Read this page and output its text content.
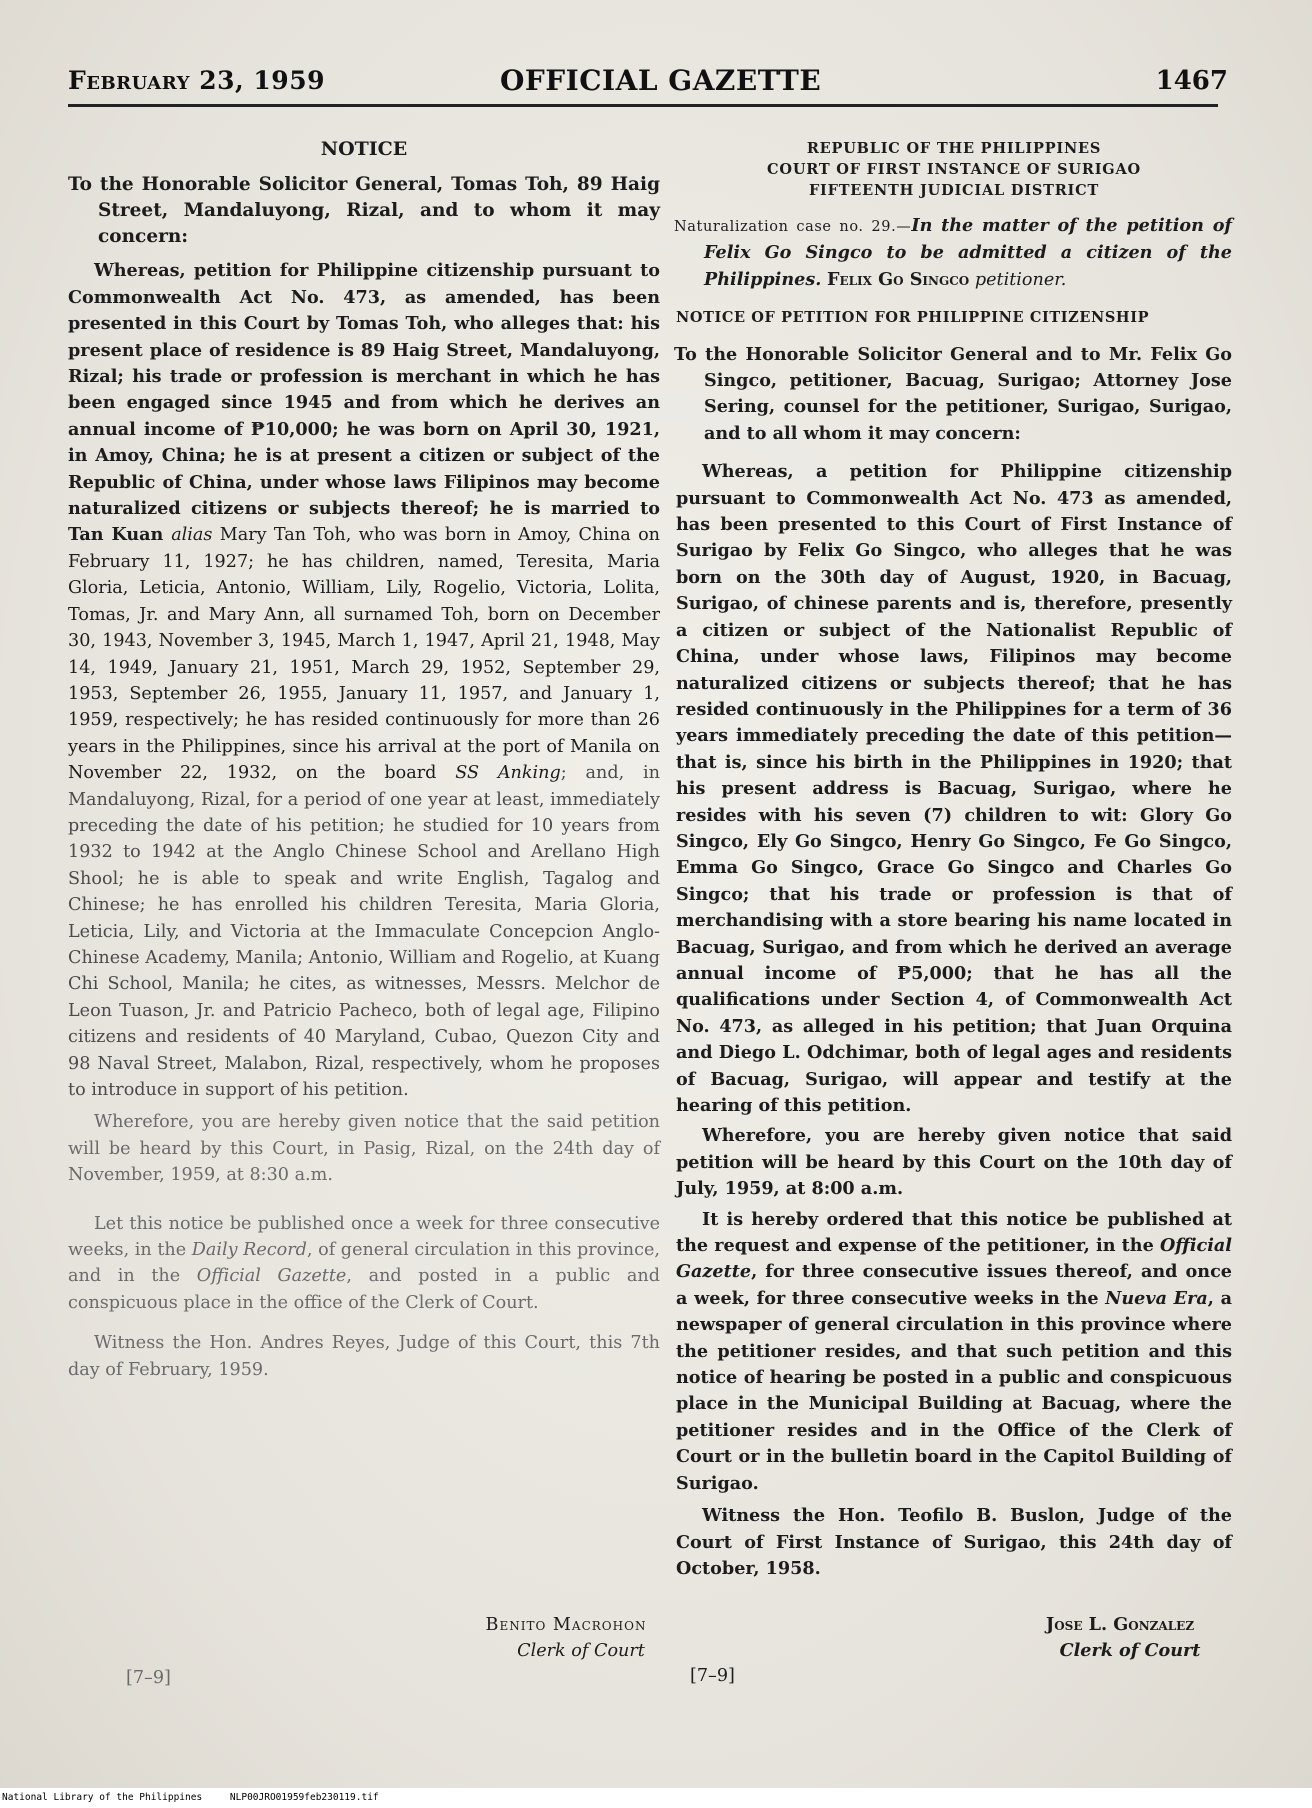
February 23, 1959	OFFICIAL GAZETTE	1467
NOTICE

To the Honorable Solicitor General, Tomas Toh, 89 Haig Street, Mandaluyong, Rizal, and to whom it may concern:

Whereas, petition for Philippine citizenship pursuant to Commonwealth Act No. 473, as amended, has been presented in this Court by Tomas Toh, who alleges that: his present place of residence is 89 Haig Street, Mandaluyong, Rizal; his trade or profession is merchant in which he has been engaged since 1945 and from which he derives an annual income of ₱10,000; he was born on April 30, 1921, in Amoy, China; he is at present a citizen or subject of the Republic of China, under whose laws Filipinos may become naturalized citizens or subjects thereof; he is married to Tan Kuan alias Mary Tan Toh, who was born in Amoy, China on February 11, 1927; he has children, named, Teresita, Maria Gloria, Leticia, Antonio, William, Lily, Rogelio, Victoria, Lolita, Tomas, Jr. and Mary Ann, all surnamed Toh, born on December 30, 1943, November 3, 1945, March 1, 1947, April 21, 1948, May 14, 1949, January 21, 1951, March 29, 1952, September 29, 1953, September 26, 1955, January 11, 1957, and January 1, 1959, respectively; he has resided continuously for more than 26 years in the Philippines, since his arrival at the port of Manila on November 22, 1932, on the board SS Anking; and, in Mandaluyong, Rizal, for a period of one year at least, immediately preceding the date of his petition; he studied for 10 years from 1932 to 1942 at the Anglo Chinese School and Arellano High Shool; he is able to speak and write English, Tagalog and Chinese; he has enrolled his children Teresita, Maria Gloria, Leticia, Lily, and Victoria at the Immaculate Concepcion Anglo-Chinese Academy, Manila; Antonio, William and Rogelio, at Kuang Chi School, Manila; he cites, as witnesses, Messrs. Melchor de Leon Tuason, Jr. and Patricio Pacheco, both of legal age, Filipino citizens and residents of 40 Maryland, Cubao, Quezon City and 98 Naval Street, Malabon, Rizal, respectively, whom he proposes to introduce in support of his petition.

Wherefore, you are hereby given notice that the said petition will be heard by this Court, in Pasig, Rizal, on the 24th day of November, 1959, at 8:30 a.m.

Let this notice be published once a week for three consecutive weeks, in the Daily Record, of general circulation in this province, and in the Official Gazette, and posted in a public and conspicuous place in the office of the Clerk of Court.

Witness the Hon. Andres Reyes, Judge of this Court, this 7th day of February, 1959.

Benito Macrohon
Clerk of Court
[7–9]
REPUBLIC OF THE PHILIPPINES
COURT OF FIRST INSTANCE OF SURIGAO
FIFTEENTH JUDICIAL DISTRICT

Naturalization case no. 29.—In the matter of the petition of Felix Go Singco to be admitted a citizen of the Philippines. Felix Go Singco petitioner.

NOTICE OF PETITION FOR PHILIPPINE CITIZENSHIP

To the Honorable Solicitor General and to Mr. Felix Go Singco, petitioner, Bacuag, Surigao; Attorney Jose Sering, counsel for the petitioner, Surigao, Surigao, and to all whom it may concern:

Whereas, a petition for Philippine citizenship pursuant to Commonwealth Act No. 473 as amended, has been presented to this Court of First Instance of Surigao by Felix Go Singco, who alleges that he was born on the 30th day of August, 1920, in Bacuag, Surigao, of chinese parents and is, therefore, presently a citizen or subject of the Nationalist Republic of China, under whose laws, Filipinos may become naturalized citizens or subjects thereof; that he has resided continuously in the Philippines for a term of 36 years immediately preceding the date of this petition—that is, since his birth in the Philippines in 1920; that his present address is Bacuag, Surigao, where he resides with his seven (7) children to wit: Glory Go Singco, Ely Go Singco, Henry Go Singco, Fe Go Singco, Emma Go Singco, Grace Go Singco and Charles Go Singco; that his trade or profession is that of merchandising with a store bearing his name located in Bacuag, Surigao, and from which he derived an average annual income of ₱5,000; that he has all the qualifications under Section 4, of Commonwealth Act No. 473, as alleged in his petition; that Juan Orquina and Diego L. Odchimar, both of legal ages and residents of Bacuag, Surigao, will appear and testify at the hearing of this petition.

Wherefore, you are hereby given notice that said petition will be heard by this Court on the 10th day of July, 1959, at 8:00 a.m.

It is hereby ordered that this notice be published at the request and expense of the petitioner, in the Official Gazette, for three consecutive issues thereof, and once a week, for three consecutive weeks in the Nueva Era, a newspaper of general circulation in this province where the petitioner resides, and that such petition and this notice of hearing be posted in a public and conspicuous place in the Municipal Building at Bacuag, where the petitioner resides and in the Office of the Clerk of Court or in the bulletin board in the Capitol Building of Surigao.

Witness the Hon. Teofilo B. Buslon, Judge of the Court of First Instance of Surigao, this 24th day of October, 1958.

Jose L. Gonzalez
Clerk of Court
[7–9]
National Library of the Philippines	NLP00JRO01959feb230119.tif
